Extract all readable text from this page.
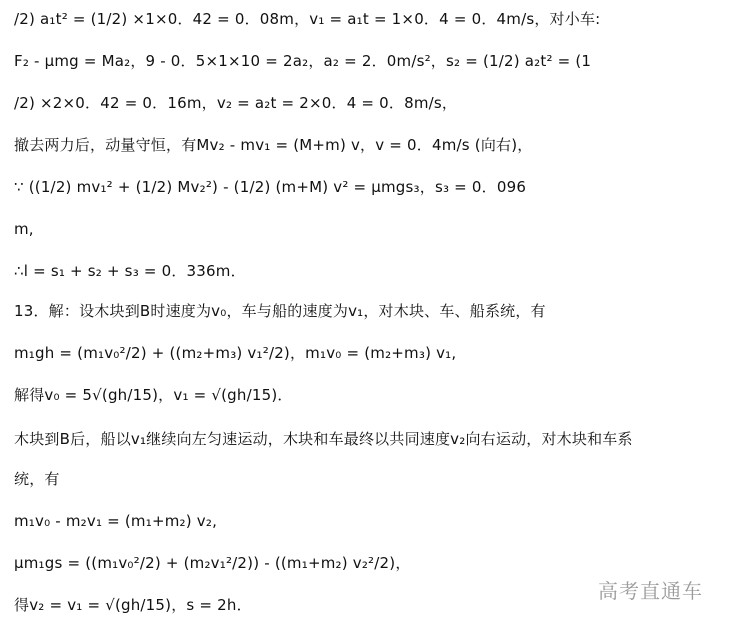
/2) a₁t² = (1/2) ×1×0．42 = 0．08m，v₁ = a₁t = 1×0．4 = 0．4m/s，对小车:
F₂ - μmg = Ma₂，9 - 0．5×1×10 = 2a₂，a₂ = 2．0m/s²，s₂ = (1/2) a₂t² = (1
/2) ×2×0．42 = 0．16m，v₂ = a₂t = 2×0．4 = 0．8m/s，
撤去两力后，动量守恒，有Mv₂ - mv₁ = (M+m) v，v = 0．4m/s (向右)，
∵ ((1/2) mv₁² + (1/2) Mv₂²) - (1/2) (m+M) v² = μmgs₃，s₃ = 0．096
m,
∴l = s₁ + s₂ + s₃ = 0．336m．
13．解：设木块到B时速度为v₀，车与船的速度为v₁，对木块、车、船系统，有
m₁gh = (m₁v₀²/2) + ((m₂+m₃) v₁²/2)，m₁v₀ = (m₂+m₃) v₁,
解得v₀ = 5√(gh/15)，v₁ = √(gh/15)．
木块到B后，船以v₁继续向左匀速运动，木块和车最终以共同速度v₂向右运动，对木块和车系
统，有
m₁v₀ - m₂v₁ = (m₁+m₂) v₂,
μm₁gs = ((m₁v₀²/2) + (m₂v₁²/2)) - ((m₁+m₂) v₂²/2)，
得v₂ = v₁ = √(gh/15)，s = 2h．
高考直通车
